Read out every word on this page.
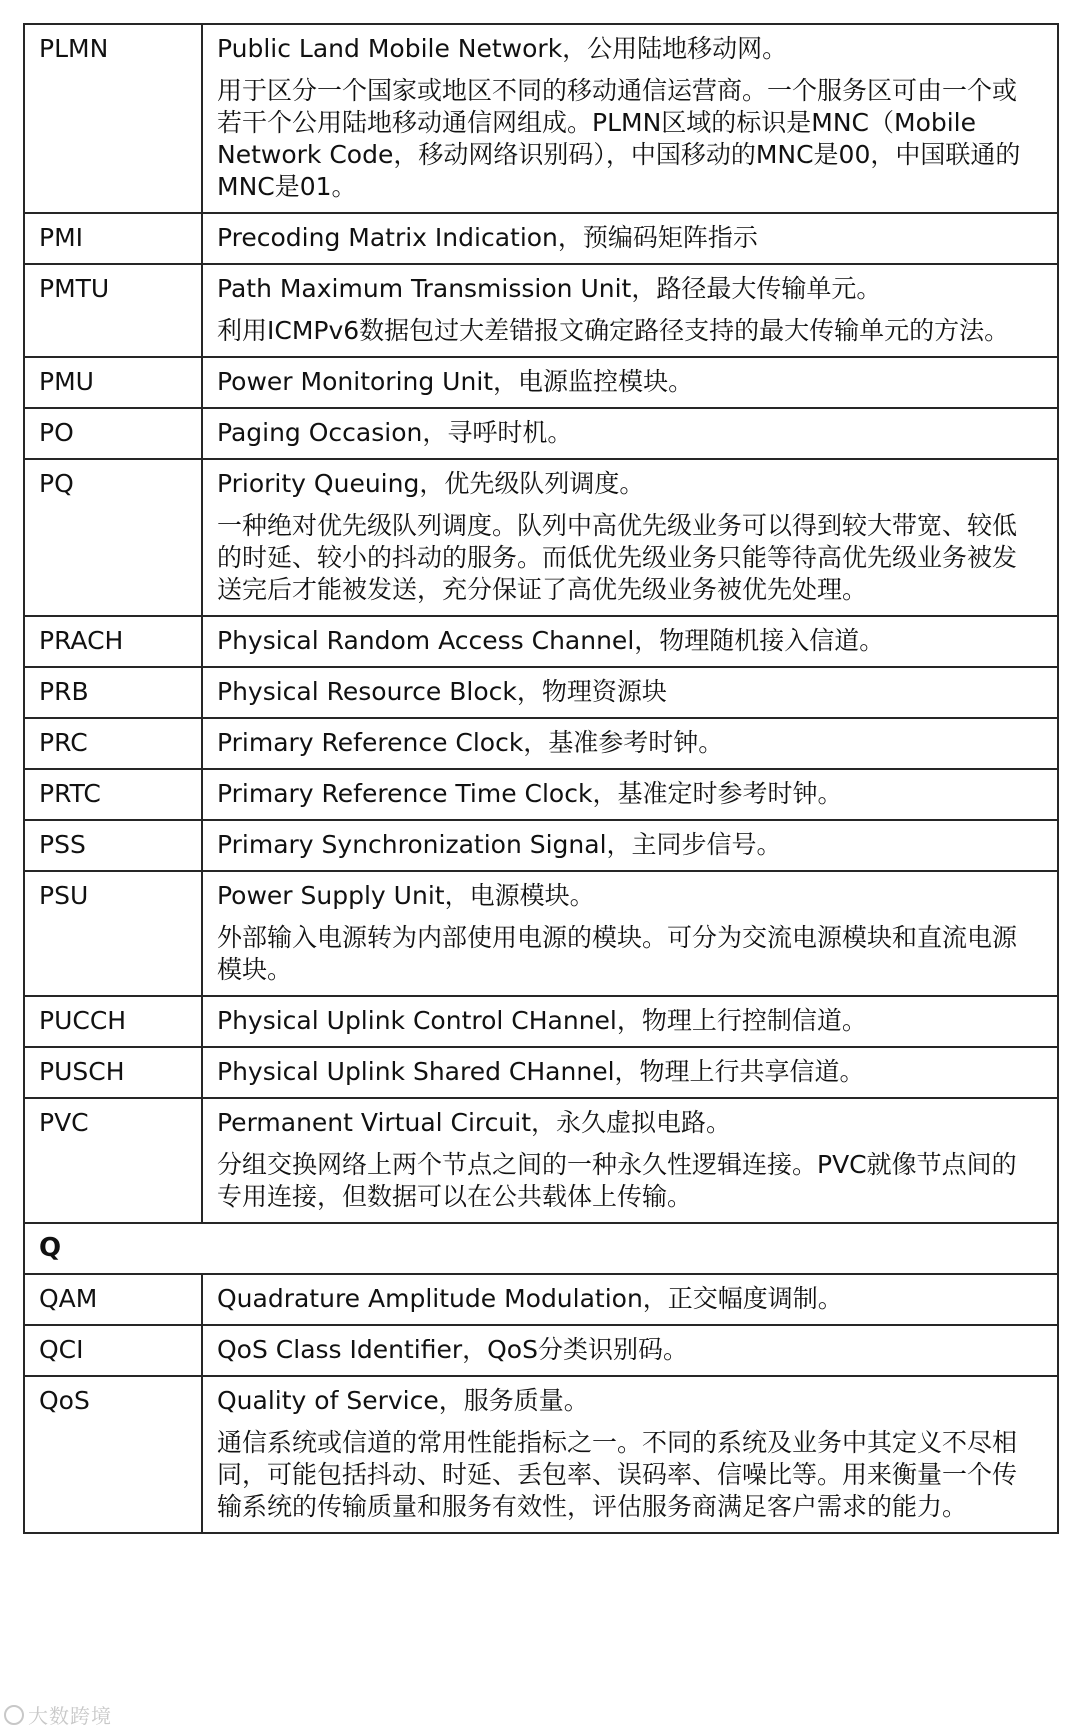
PLMN	Public Land Mobile Network，公用陆地移动网。

用于区分一个国家或地区不同的移动通信运营商。一个服务区可由一个或若干个公用陆地移动通信网组成。PLMN区域的标识是MNC（Mobile Network Code，移动网络识别码），中国移动的MNC是00，中国联通的MNC是01。

PMI	Precoding Matrix Indication，预编码矩阵指示

PMTU	Path Maximum Transmission Unit，路径最大传输单元。

利用ICMPv6数据包过大差错报文确定路径支持的最大传输单元的方法。

PMU	Power Monitoring Unit，电源监控模块。

PO	Paging Occasion，寻呼时机。

PQ	Priority Queuing，优先级队列调度。

一种绝对优先级队列调度。队列中高优先级业务可以得到较大带宽、较低的时延、较小的抖动的服务。而低优先级业务只能等待高优先级业务被发送完后才能被发送，充分保证了高优先级业务被优先处理。

PRACH	Physical Random Access Channel，物理随机接入信道。

PRB	Physical Resource Block，物理资源块

PRC	Primary Reference Clock，基准参考时钟。

PRTC	Primary Reference Time Clock，基准定时参考时钟。

PSS	Primary Synchronization Signal，主同步信号。

PSU	Power Supply Unit，电源模块。

外部输入电源转为内部使用电源的模块。可分为交流电源模块和直流电源模块。

PUCCH	Physical Uplink Control CHannel，物理上行控制信道。

PUSCH	Physical Uplink Shared CHannel，物理上行共享信道。

PVC	Permanent Virtual Circuit，永久虚拟电路。

分组交换网络上两个节点之间的一种永久性逻辑连接。PVC就像节点间的专用连接，但数据可以在公共载体上传输。

Q	
QAM	Quadrature Amplitude Modulation，正交幅度调制。

QCI	QoS Class Identifier，QoS分类识别码。

QoS	Quality of Service，服务质量。

通信系统或信道的常用性能指标之一。不同的系统及业务中其定义不尽相同，可能包括抖动、时延、丢包率、误码率、信噪比等。用来衡量一个传输系统的传输质量和服务有效性，评估服务商满足客户需求的能力。

大数跨境
